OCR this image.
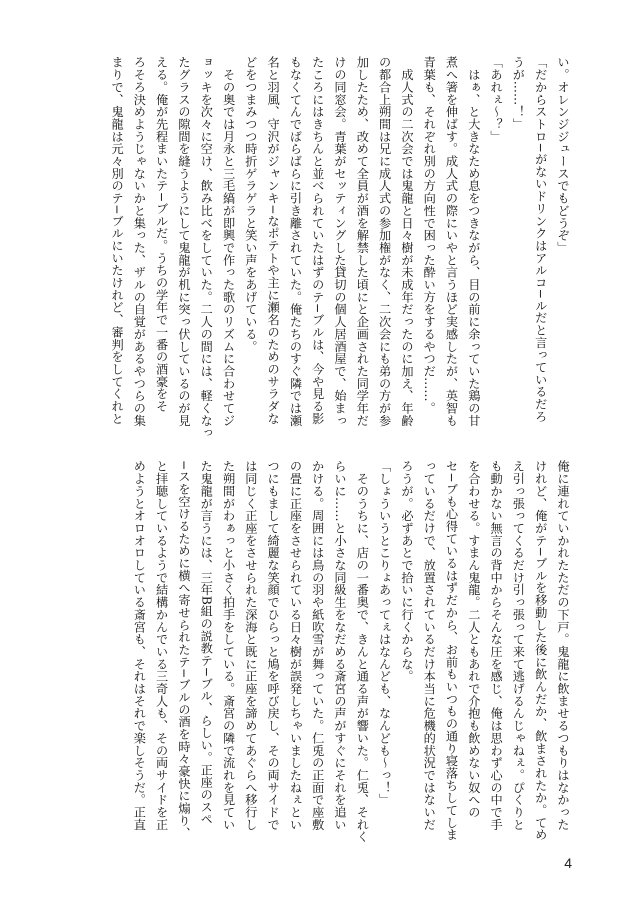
い。オレンジジュースでもどうぞ」
「だからストロ−がないドリンクはアルコ−ルだと言っているだろ
うが……！」
「あれぇ〜？」
　はぁ、と大きなため息をつきながら、目の前に余っていた鶏の甘
煮へ箸を伸ばす。成人式の際にいやと言うほど実感したが、英智も
青葉も、それぞれ別の方向性で困った酔い方をするやつだ……。
　成人式の二次会では鬼龍と日々樹が未成年だったのに加え、年齢
の都合上朔間は兄に成人式の参加権がなく、二次会にも弟の方が参
加したため、改めて全員が酒を解禁した頃にと企画された同学年だ
けの同窓会。青葉がセッティングした貸切の個人居酒屋で、始まっ
たころにはきちんと並べられていたはずのテ−ブルは、今や見る影
もなくてんでばらばらに引き離されていた。俺たちのすぐ隣では瀬
名と羽風、守沢がジャンキ−なポテトや主に瀬名のためのサラダな
どをつまみつつ時折ゲラゲラと笑い声をあげている。
　その奥では月永と三毛縞が即興で作った歌のリズムに合わせてジ
ョッキを次々に空け、飲み比べをしていた。二人の間には、軽くなっ
たグラスの隙間を縫うようにして鬼龍が机に突っ伏しているのが見
える。俺が先程まいたテ−ブルだ。うちの学年で一番の酒豪をそ
ろそろ決めようじゃないかと集った、ザルの自覚があるやつらの集
まりで、鬼龍は元々別のテ−ブルにいたけれど、審判をしてくれと
俺に連れていかれたただの下戸。鬼龍に飲ませるつもりはなかった
けれど、俺がテ−ブルを移動した後に飲んだか、飲まされたか。てめ
え引っ張ってくるだけ引っ張って来て逃げるんじゃねぇ。ぴくりと
も動かない無言の背中からそんな圧を感じ、俺は思わず心の中で手
を合わせる。すまん鬼龍。二人ともあれで介抱も飲めない奴への
セ−ブも心得ているはずだから、お前もいつもの通り寝落ちしてしま
っているだけで、放置されているだけ本当に危機的状況ではないだ
ろうが。必ずあとで拾いに行くからな。
「しょういうとこりょあってぇはなんども、なんども〜っ！」
　そのうちに、店の一番奥で、きんと通る声が響いた。仁兎、それく
らいに……と小さな同級生をなだめる斎宮の声がすぐにそれを追い
かける。周囲には鳥の羽や紙吹雪が舞っていた。仁兎の正面で座敷
の畳に正座をさせられている日々樹が誤発しちゃいましたねぇとい
つにもまして綺麗な笑顔でひらっと鳩を呼び戻し、その両サイドで
は同じく正座をさせられた深海と既に正座を諦めてあぐらへ移行し
た朔間がわぁっと小さく拍手をしている。斎宮の隣で流れを見てい
た鬼龍が言うには、三年B組の説教テ−ブル、らしい。正座のスペ
−スを空けるために横へ寄せられたテ−ブルの酒を時々豪快に煽り、
と拝聴しているようで結構かんでいる三奇人も、その両サイドを正
めようとオロオロしている斎宮も、それはそれで楽しそうだ。正直
4
